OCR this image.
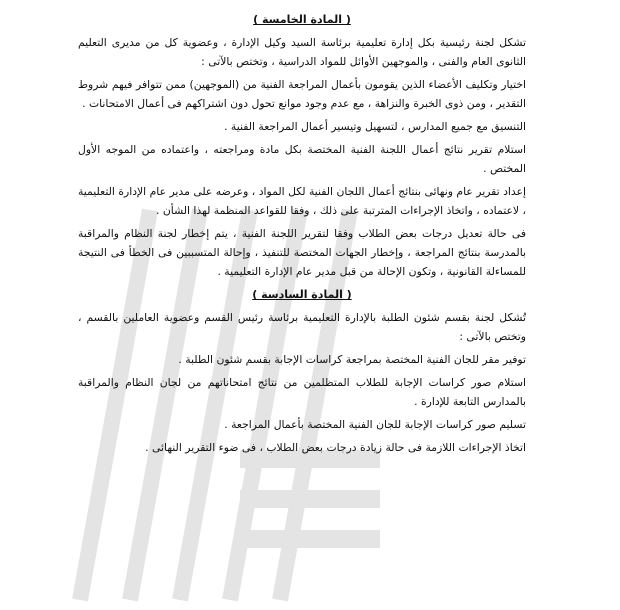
( المادة الخامسة )

تشكل لجنة رئيسية بكل إدارة تعليمية برئاسة السيد وكيل الإدارة ، وعضوية كل من مديرى التعليم الثانوى العام والفنى ، والموجهين الأوائل للمواد الدراسية ، وتختص بالآتى :

اختيار وتكليف الأعضاء الذين يقومون بأعمال المراجعة الفنية من (الموجهين) ممن تتوافر فيهم شروط التقدير ، ومن ذوى الخبرة والنزاهة ، مع عدم وجود موانع تحول دون اشتراكهم فى أعمال الامتحانات .
التنسيق مع جميع المدارس ، لتسهيل وتيسير أعمال المراجعة الفنية .
استلام تقرير نتائج أعمال اللجنة الفنية المختصة بكل مادة ومراجعته ، واعتماده من الموجه الأول المختص .
إعداد تقرير عام ونهائى بنتائج أعمال اللجان الفنية لكل المواد ، وعرضه على مدير عام الإدارة التعليمية ، لاعتماده ، واتخاذ الإجراءات المترتبة على ذلك ، وفقا للقواعد المنظمة لهذا الشأن .
فى حالة تعديل درجات بعض الطلاب وفقا لتقرير اللجنة الفنية ، يتم إخطار لجنة النظام والمراقبة بالمدرسة بنتائج المراجعة ، وإخطار الجهات المختصة للتنفيذ ، وإحالة المتسببين فى الخطأ فى النتيجة للمساءلة القانونية ، وتكون الإحالة من قبل مدير عام الإدارة التعليمية .
( المادة السادسة )

تُشكل لجنة بقسم شئون الطلبة بالإدارة التعليمية برئاسة رئيس القسم وعضوية العاملين بالقسم ، وتختص بالآتى :

توفير مقر للجان الفنية المختصة بمراجعة كراسات الإجابة بقسم شئون الطلبة .
استلام صور كراسات الإجابة للطلاب المتظلمين من نتائج امتحاناتهم من لجان النظام والمراقبة بالمدارس التابعة للإدارة .
تسليم صور كراسات الإجابة للجان الفنية المختصة بأعمال المراجعة .
اتخاذ الإجراءات اللازمة فى حالة زيادة درجات بعض الطلاب ، فى ضوء التقرير النهائى .
